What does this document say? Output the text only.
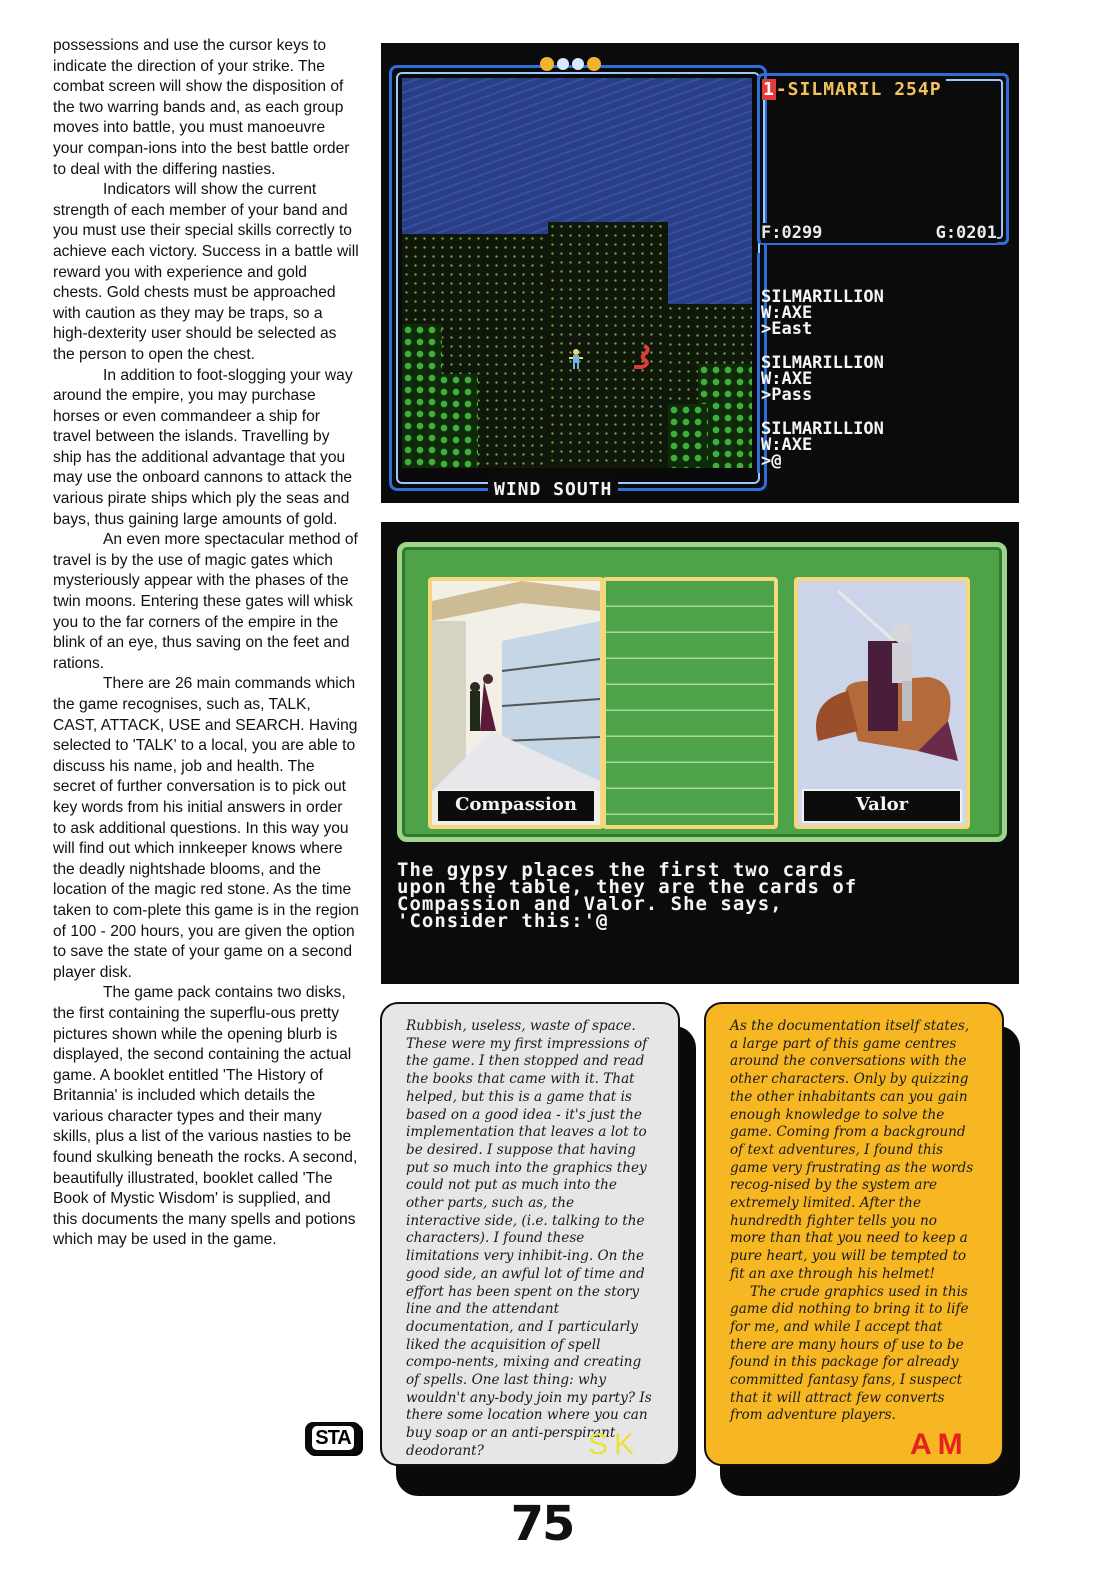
possessions and use the cursor keys to indicate the direction of your strike. The combat screen will show the disposition of the two warring bands and, as each group moves into battle, you must manoeuvre your compan-ions into the best battle order to deal with the differing nasties.

Indicators will show the current strength of each member of your band and you must use their special skills correctly to achieve each victory. Success in a battle will reward you with experience and gold chests. Gold chests must be approached with caution as they may be traps, so a high-dexterity user should be selected as the person to open the chest.

In addition to foot-slogging your way around the empire, you may purchase horses or even commandeer a ship for travel between the islands. Travelling by ship has the additional advantage that you may use the onboard cannons to attack the various pirate ships which ply the seas and bays, thus gaining large amounts of gold.

An even more spectacular method of travel is by the use of magic gates which mysteriously appear with the phases of the twin moons. Entering these gates will whisk you to the far corners of the empire in the blink of an eye, thus saving on the feet and rations.

There are 26 main commands which the game recognises, such as, TALK, CAST, ATTACK, USE and SEARCH. Having selected to 'TALK' to a local, you are able to discuss his name, job and health. The secret of further conversation is to pick out key words from his initial answers in order to ask additional questions. In this way you will find out which innkeeper knows where the deadly nightshade blooms, and the location of the magic red stone. As the time taken to com-plete this game is in the region of 100 - 200 hours, you are given the option to save the state of your game on a second player disk.

The game pack contains two disks, the first containing the superflu-ous pretty pictures shown while the opening blurb is displayed, the second containing the actual game. A booklet entitled 'The History of Britannia' is included which details the various character types and their many skills, plus a list of the various nasties to be found skulking beneath the rocks. A second, beautifully illustrated, booklet called 'The Book of Mystic Wisdom' is supplied, and this documents the many spells and potions which may be used in the game.

STA
WIND SOUTH
1-SILMARIL 254P
F:0299	G:0201
SILMARILLION
W:AXE
>East
SILMARILLION
W:AXE
>Pass
SILMARILLION
W:AXE
>@
Compassion	Valor
The gypsy places the first two cards
upon the table, they are the cards of
Compassion and Valor. She says,
'Consider this:'@

Rubbish, useless, waste of space. These were my first impressions of the game. I then stopped and read the books that came with it. That helped, but this is a game that is based on a good idea - it's just the implementation that leaves a lot to be desired. I suppose that having put so much into the graphics they could not put as much into the other parts, such as, the interactive side, (i.e. talking to the characters). I found these limitations very inhibit-ing. On the good side, an awful lot of time and effort has been spent on the story line and the attendant documentation, and I particularly liked the acquisition of spell compo-nents, mixing and creating of spells. One last thing: why wouldn't any-body join my party? Is there some location where you can buy soap or an anti-perspirant deodorant?	SK

As the documentation itself states, a large part of this game centres around the conversations with the other characters. Only by quizzing the other inhabitants can you gain enough knowledge to solve the game. Coming from a background of text adventures, I found this game very frustrating as the words recog-nised by the system are extremely limited. After the hundredth fighter tells you no more than that you need to keep a pure heart, you will be tempted to fit an axe through his helmet!

The crude graphics used in this game did nothing to bring it to life for me, and while I accept that there are many hours of use to be found in this package for already committed fantasy fans, I suspect that it will attract few converts from adventure players.

AM
75
